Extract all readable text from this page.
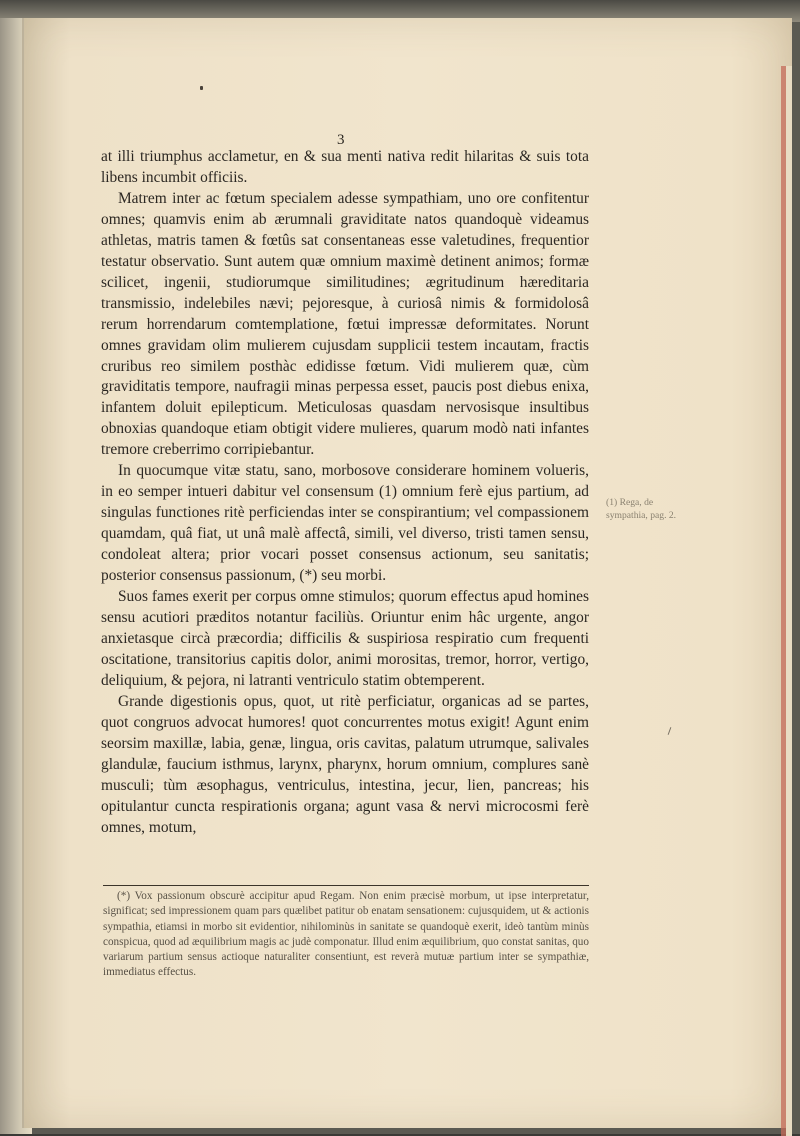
3

at illi triumphus acclametur, en & sua menti nativa redit hilaritas & suis tota libens incumbit officiis.

Matrem inter ac fœtum specialem adesse sympathiam, uno ore confitentur omnes; quamvis enim ab ærumnali graviditate natos quandoquè videamus athletas, matris tamen & fœtûs sat consentaneas esse valetudines, frequentior testatur observatio. Sunt autem quæ omnium maximè detinent animos; formæ scilicet, ingenii, studiorumque similitudines; ægritudinum hæreditaria transmissio, indelebiles nævi; pejoresque, à curiosâ nimis & formidolosâ rerum horrendarum comtemplatione, fœtui impressæ deformitates. Norunt omnes gravidam olim mulierem cujusdam supplicii testem incautam, fractis cruribus reo similem posthàc edidisse fœtum. Vidi mulierem quæ, cùm graviditatis tempore, naufragii minas perpessa esset, paucis post diebus enixa, infantem doluit epilepticum. Meticulosas quasdam nervosisque insultibus obnoxias quandoque etiam obtigit videre mulieres, quarum modò nati infantes tremore creberrimo corripiebantur.

In quocumque vitæ statu, sano, morbosove considerare hominem volueris, in eo semper intueri dabitur vel consensum (1) omnium ferè ejus partium, ad singulas functiones ritè perficiendas inter se conspirantium; vel compassionem quamdam, quâ fiat, ut unâ malè affectâ, simili, vel diverso, tristi tamen sensu, condoleat altera; prior vocari posset consensus actionum, seu sanitatis; posterior consensus passionum, (*) seu morbi.

Suos fames exerit per corpus omne stimulos; quorum effectus apud homines sensu acutiori præditos notantur faciliùs. Oriuntur enim hâc urgente, angor anxietasque circà præcordia; difficilis & suspiriosa respiratio cum frequenti oscitatione, transitorius capitis dolor, animi morositas, tremor, horror, vertigo, deliquium, & pejora, ni latranti ventriculo statim obtemperent.

Grande digestionis opus, quot, ut ritè perficiatur, organicas ad se partes, quot congruos advocat humores! quot concurrentes motus exigit! Agunt enim seorsim maxillæ, labia, genæ, lingua, oris cavitas, palatum utrumque, salivales glandulæ, faucium isthmus, larynx, pharynx, horum omnium, complures sanè musculi; tùm æsophagus, ventriculus, intestina, jecur, lien, pancreas; his opitulantur cuncta respirationis organa; agunt vasa & nervi microcosmi ferè omnes, motum,

(1) Rega, de sympathia, pag. 2.

(*) Vox passionum obscurè accipitur apud Regam. Non enim præcisè morbum, ut ipse interpretatur, significat; sed impressionem quam pars quælibet patitur ob enatam sensationem: cujusquidem, ut & actionis sympathia, etiamsi in morbo sit evidentior, nihilominùs in sanitate se quandoquè exerit, ideò tantùm minùs conspicua, quod ad æquilibrium magis ac judè componatur. Illud enim æquilibrium, quo constat sanitas, quo variarum partium sensus actioque naturaliter consentiunt, est reverà mutuæ partium inter se sympathiæ, immediatus effectus.
